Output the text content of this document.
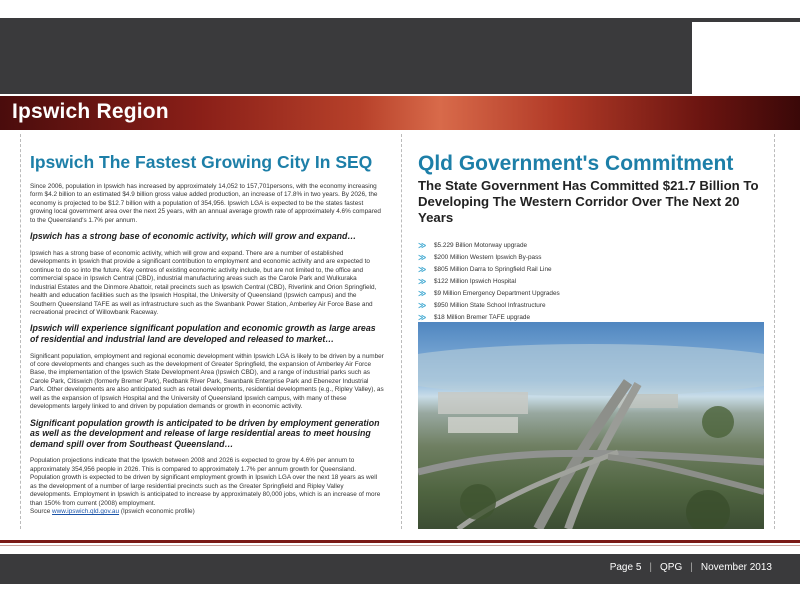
Ipswich Region
Ipswich The Fastest Growing City In SEQ

Since 2006, population in Ipswich has increased by approximately 14,052 to 157,701persons, with the economy increasing form $4.2 billion to an estimated $4.9 billion gross value added production, an increase of 17.8% in two years. By 2026, the economy is projected to be $12.7 billion with a population of 354,956. Ipswich LGA is expected to be the states fastest growing local government area over the next 25 years, with an annual average growth rate of approximately 4.6% compared to the Queensland's 1.7% per annum.

Ipswich has a strong base of economic activity, which will grow and expand…

Ipswich has a strong base of economic activity, which will grow and expand. There are a number of established developments in Ipswich that provide a significant contribution to employment and economic activity and are expected to continue to do so into the future. Key centres of existing economic activity include, but are not limited to, the office and commercial space in Ipswich Central (CBD), industrial manufacturing areas such as the Carole Park and Wulkuraka Industrial Estates and the Dinmore Abattoir, retail precincts such as Ipswich Central (CBD), Riverlink and Orion Springfield, health and education facilities such as the Ipswich Hospital, the University of Queensland (Ipswich campus) and the Southern Queensland TAFE as well as infrastructure such as the Swanbank Power Station, Amberley Air Force Base and recreational precinct of Willowbank Raceway.

Ipswich will experience significant population and economic growth as large areas of residential and industrial land are developed and released to market…

Significant population, employment and regional economic development within Ipswich LGA is likely to be driven by a number of core developments and changes such as the development of Greater Springfield, the expansion of Amberley Air Force Base, the implementation of the Ipswich State Development Area (Ipswich CBD), and a range of industrial parks such as Carole Park, Citiswich (formerly Bremer Park), Redbank River Park, Swanbank Enterprise Park and Ebenezer Industrial Park. Other developments are also anticipated such as retail developments, residential developments (e.g., Ripley Valley), as well as the expansion of Ipswich Hospital and the University of Queensland Ipswich campus, with many of these developments largely linked to and driven by population demands or growth in economic activity.

Significant population growth is anticipated to be driven by employment generation as well as the development and release of large residential areas to meet housing demand spill over from Southeast Queensland…

Population projections indicate that the Ipswich between 2008 and 2026 is expected to grow by 4.6% per annum to approximately 354,956 people in 2026. This is compared to approximately 1.7% per annum growth for Queensland. Population growth is expected to be driven by significant employment growth in Ipswich LGA over the next 18 years as well as the development of a number of large residential precincts such as the Greater Springfield and Ripley Valley developments. Employment in Ipswich is anticipated to increase by approximately 80,000 jobs, which is an increase of more than 150% from current (2008) employment.

Source www.ipswich.qld.gov.au (Ipswich economic profile)

Qld Government's Commitment
The State Government Has Committed $21.7 Billion To Developing The Western Corridor Over The Next 20 Years
≫	$5.229 Billion Motorway upgrade
≫	$200 Million Western Ipswich By-pass
≫	$805 Million Darra to Springfield Rail Line
≫	$122 Million Ipswich Hospital
≫	$9 Million Emergency Department Upgrades
≫	$950 Million State School Infrastructure
≫	$18 Million Bremer TAFE upgrade

Page 5 | QPG | November 2013
